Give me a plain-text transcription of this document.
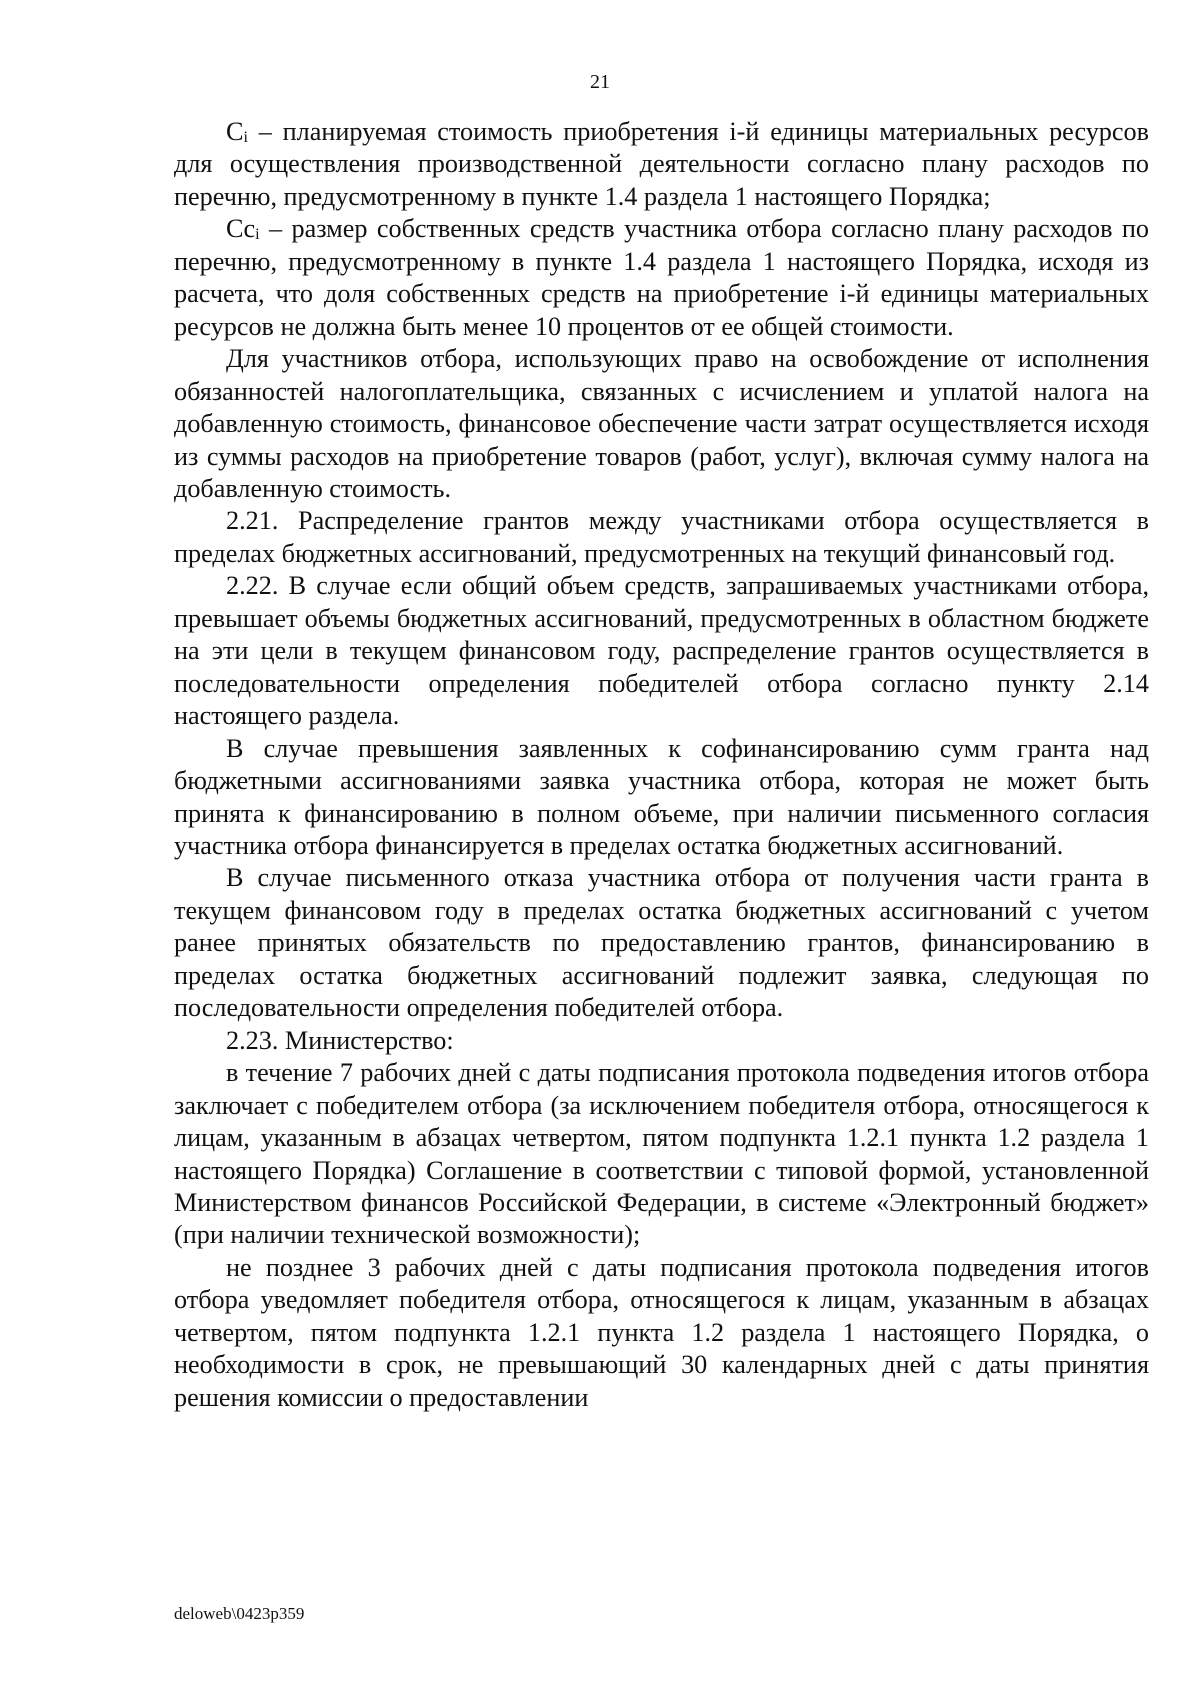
21

Ci – планируемая стоимость приобретения i-й единицы материальных ресурсов для осуществления производственной деятельности согласно плану расходов по перечню, предусмотренному в пункте 1.4 раздела 1 настоящего Порядка;

Cci – размер собственных средств участника отбора согласно плану расходов по перечню, предусмотренному в пункте 1.4 раздела 1 настоящего Порядка, исходя из расчета, что доля собственных средств на приобретение i-й единицы материальных ресурсов не должна быть менее 10 процентов от ее общей стоимости.

Для участников отбора, использующих право на освобождение от исполнения обязанностей налогоплательщика, связанных с исчислением и уплатой налога на добавленную стоимость, финансовое обеспечение части затрат осуществляется исходя из суммы расходов на приобретение товаров (работ, услуг), включая сумму налога на добавленную стоимость.

2.21. Распределение грантов между участниками отбора осуществляется в пределах бюджетных ассигнований, предусмотренных на текущий финансовый год.

2.22. В случае если общий объем средств, запрашиваемых участниками отбора, превышает объемы бюджетных ассигнований, предусмотренных в областном бюджете на эти цели в текущем финансовом году, распределение грантов осуществляется в последовательности определения победителей отбора согласно пункту 2.14 настоящего раздела.

В случае превышения заявленных к софинансированию сумм гранта над бюджетными ассигнованиями заявка участника отбора, которая не может быть принята к финансированию в полном объеме, при наличии письменного согласия участника отбора финансируется в пределах остатка бюджетных ассигнований.

В случае письменного отказа участника отбора от получения части гранта в текущем финансовом году в пределах остатка бюджетных ассигнований с учетом ранее принятых обязательств по предоставлению грантов, финансированию в пределах остатка бюджетных ассигнований подлежит заявка, следующая по последовательности определения победителей отбора.

2.23. Министерство:

в течение 7 рабочих дней с даты подписания протокола подведения итогов отбора заключает с победителем отбора (за исключением победителя отбора, относящегося к лицам, указанным в абзацах четвертом, пятом подпункта 1.2.1 пункта 1.2 раздела 1 настоящего Порядка) Соглашение в соответствии с типовой формой, установленной Министерством финансов Российской Федерации, в системе «Электронный бюджет» (при наличии технической возможности);

не позднее 3 рабочих дней с даты подписания протокола подведения итогов отбора уведомляет победителя отбора, относящегося к лицам, указанным в абзацах четвертом, пятом подпункта 1.2.1 пункта 1.2 раздела 1 настоящего Порядка, о необходимости в срок, не превышающий 30 календарных дней с даты принятия решения комиссии о предоставлении

deloweb\0423p359
